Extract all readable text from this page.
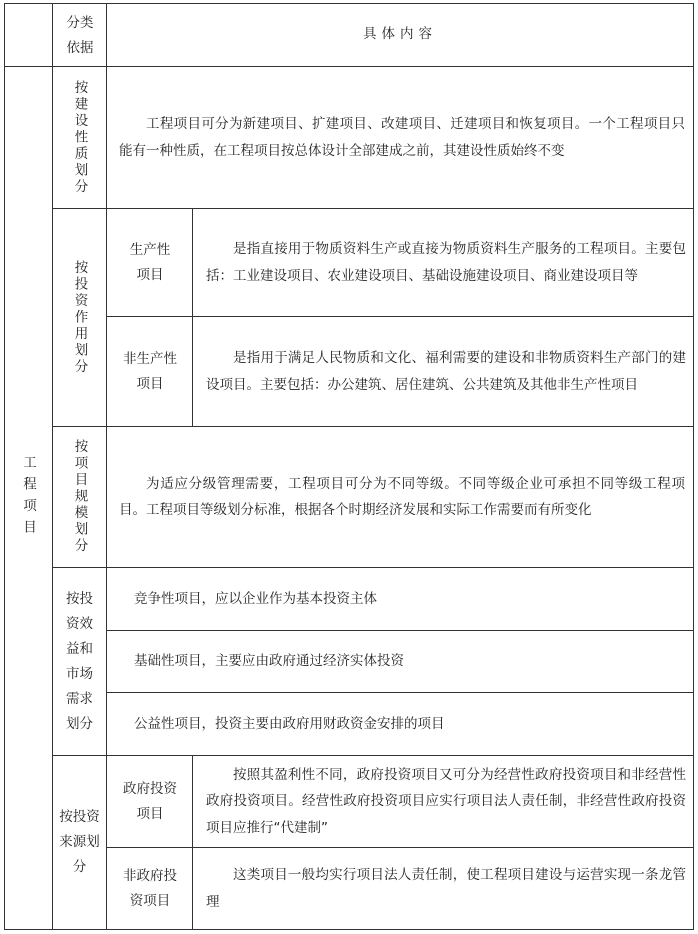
分类依据
具体内容
工程项目
按建设性质划分	工程项目可分为新建项目、扩建项目、改建项目、迁建项目和恢复项目。一个工程项目只能有一种性质，在工程项目按总体设计全部建成之前，其建设性质始终不变
按投资作用划分
生产性项目
是指直接用于物质资料生产或直接为物质资料生产服务的工程项目。主要包括：工业建设项目、农业建设项目、基础设施建设项目、商业建设项目等
非生产性项目
是指用于满足人民物质和文化、福利需要的建设和非物质资料生产部门的建设项目。主要包括：办公建筑、居住建筑、公共建筑及其他非生产性项目
按项目规模划分	为适应分级管理需要，工程项目可分为不同等级。不同等级企业可承担不同等级工程项目。工程项目等级划分标准，根据各个时期经济发展和实际工作需要而有所变化
按投资效益和市场需求划分
竞争性项目，应以企业作为基本投资主体
基础性项目，主要应由政府通过经济实体投资
公益性项目，投资主要由政府用财政资金安排的项目
按投资来源划分
政府投资项目
按照其盈利性不同，政府投资项目又可分为经营性政府投资项目和非经营性政府投资项目。经营性政府投资项目应实行项目法人责任制，非经营性政府投资项目应推行“代建制”
非政府投资项目
这类项目一般均实行项目法人责任制，使工程项目建设与运营实现一条龙管理
